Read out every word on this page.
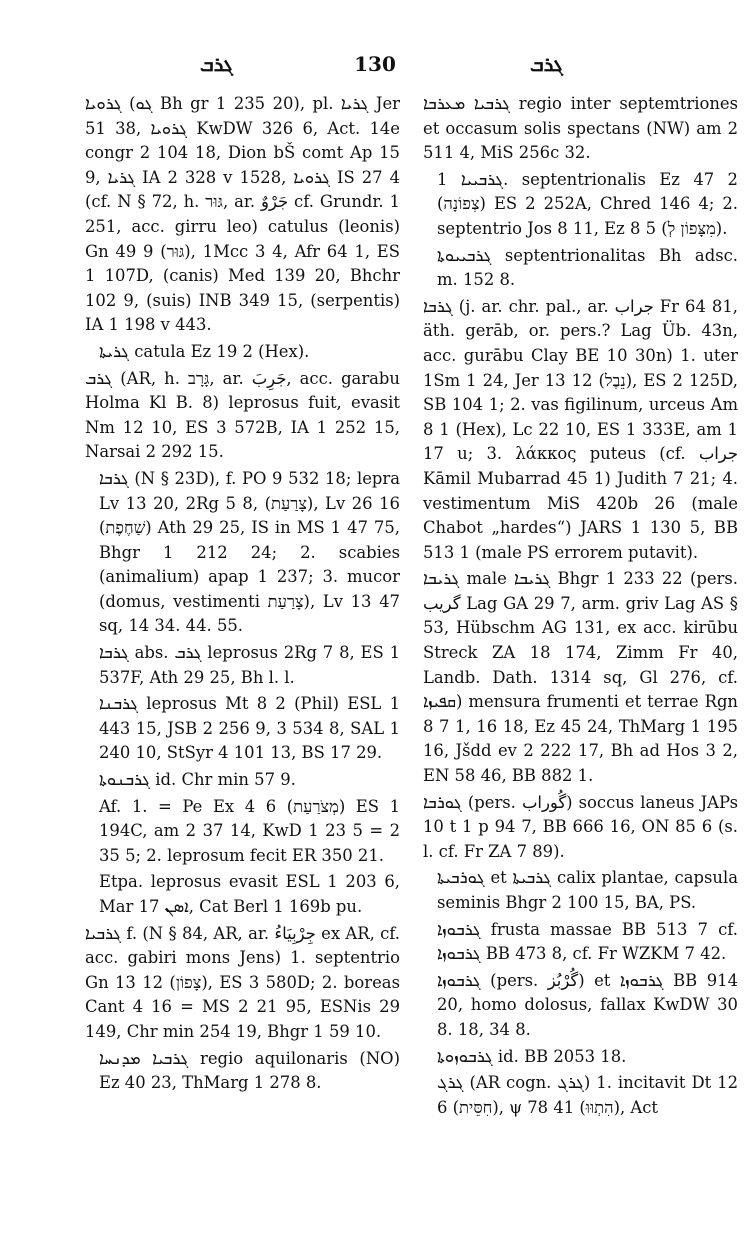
ܓܪܒ	130	ܓܪܒ

ܓܪܘܝܐ (ܓܘ Bh gr 1 235 20), pl. ܓܪܝܐ Jer 51 38, ܓܪܘܝܐ KwDW 326 6, Act. 14e congr 2 104 18, Dion bŠ comt Ap 15 9, ܓܪܝܐ IA 2 328 v 1528, ܓܪܘܝܐ IS 27 4 (cf. N § 72, h. גּוּר, ar. جَرْوٌ cf. Grundr. 1 251, acc. girru leo) catulus (leonis) Gn 49 9 (גּוּר), 1Mcc 3 4, Afr 64 1, ES 1 107D, (canis) Med 139 20, Bhchr 102 9, (suis) INB 349 15, (serpentis) IA 1 198 v 443.

ܓܪܝܬܐ catula Ez 19 2 (Hex).

ܓܪܒ (AR, h. גָּרָב, ar. جَرِبَ, acc. garabu Holma Kl B. 8) leprosus fuit, evasit Nm 12 10, ES 3 572B, IA 1 252 15, Narsai 2 292 15.

ܓܪܒܐ (N § 23D), f. PO 9 532 18; lepra Lv 13 20, 2Rg 5 8, (צָרַעַת), Lv 26 16 (שַׁחֶפֶת) Ath 29 25, IS in MS 1 47 75, Bhgr 1 212 24; 2. scabies (animalium) apap 1 237; 3. mucor (domus, vestimenti צָרַעַת), Lv 13 47 sq, 14 34. 44. 55.

ܓܪܒܐ abs. ܓܪܒ leprosus 2Rg 7 8, ES 1 537F, Ath 29 25, Bh l. l.

ܓܪܒܢܐ leprosus Mt 8 2 (Phil) ESL 1 443 15, JSB 2 256 9, 3 534 8, SAL 1 240 10, StSyr 4 101 13, BS 17 29.

ܓܪܒܢܘܬܐ id. Chr min 57 9.

Af. 1. = Pe Ex 4 6 (מְצֹרַעַת) ES 1 194C, am 2 37 14, KwD 1 23 5 = 2 35 5; 2. leprosum fecit ER 350 21.

Etpa. leprosus evasit ESL 1 203 6, Mar ܐܣܢ 17, Cat Berl 1 169b pu.

ܓܪܒܝܐ f. (N § 84, AR, ar. جِرْبِيَاءُ ex AR, cf. acc. gabiri mons Jens) 1. septentrio Gn 13 12 (צָפוֹן), ES 3 580D; 2. boreas Cant 4 16 = MS 2 21 95, ESNis 29 149, Chr min 254 19, Bhgr 1 59 10.

ܓܪܒܝܐ ܡܕܢܚܐ regio aquilonaris (NO) Ez 40 23, ThMarg 1 278 8.

ܓܪܒܝܐ ܡܥܪܒܐ regio inter septemtriones et occasum solis spectans (NW) am 2 511 4, MiS 256c 32.

ܓܪܒܝܝܐ 1. septentrionalis Ez 47 2 (צְפוֹנָה) ES 2 252A, Chred 146 4; 2. septentrio Jos 8 11, Ez 8 5 (מִצָּפוֹן לְ).

ܓܪܒܝܝܘܬܐ septentrionalitas Bh adsc. m. 152 8.

ܓܪܒܐ (j. ar. chr. pal., ar. جراب Fr 64 81, äth. gerāb, or. pers.? Lag Üb. 43n, acc. gurābu Clay BE 10 30n) 1. uter 1Sm 1 24, Jer 13 12 (נֵבֶל), ES 2 125D, SB 104 1; 2. vas figilinum, urceus Am 8 1 (Hex), Lc 22 10, ES 1 333E, am 1 17 u; 3. λάκκος puteus (cf. جراب Kāmil Mubarrad 45 1) Judith 7 21; 4. vestimentum MiS 420b 26 (male Chabot „hardes“) JARS 1 130 5, BB 513 1 (male PS errorem putavit).

ܓܪܝܒܐ male ܓܪܝܒܐ Bhgr 1 233 22 (pers. گریب Lag GA 29 7, arm. griv Lag AS § 53, Hübschm AG 131, ex acc. kirūbu Streck ZA 18 174, Zimm Fr 40, Landb. Dath. 1314 sq, Gl 276, cf. ܩܦܝܙܐ) mensura frumenti et terrae Rgn 8 7 1, 16 18, Ez 45 24, ThMarg 1 195 16, Jšdd ev 2 222 17, Bh ad Hos 3 2, EN 58 46, BB 882 1.

ܓܘܪܒܐ (pers. گُوراب) soccus laneus JAPs 10 t 1 p 94 7, BB 666 16, ON 85 6 (s. l. cf. Fr ZA 7 89).

ܓܘܪܒܝܬܐ et ܓܪܒܝܬܐ calix plantae, capsula seminis Bhgr 2 100 15, BA, PS.

ܓܪܒܘܙܐ frusta massae BB 513 7 cf. ܓܪܒܘܙܐ BB 473 8, cf. Fr WZKM 7 42.

ܓܪܒܘܙܐ (pers. گُرْبُز) et ܓܪܒܘܙܐ BB 914 20, homo dolosus, fallax KwDW 30 8. 18, 34 8.

ܓܪܒܘܙܘܬܐ id. BB 2053 18.

ܓܪܓ (AR cogn. ܓܪܓ) 1. incitavit Dt 12 6 (חִסֵּית), ψ 78 41 (הִתְוּוּ), Act
